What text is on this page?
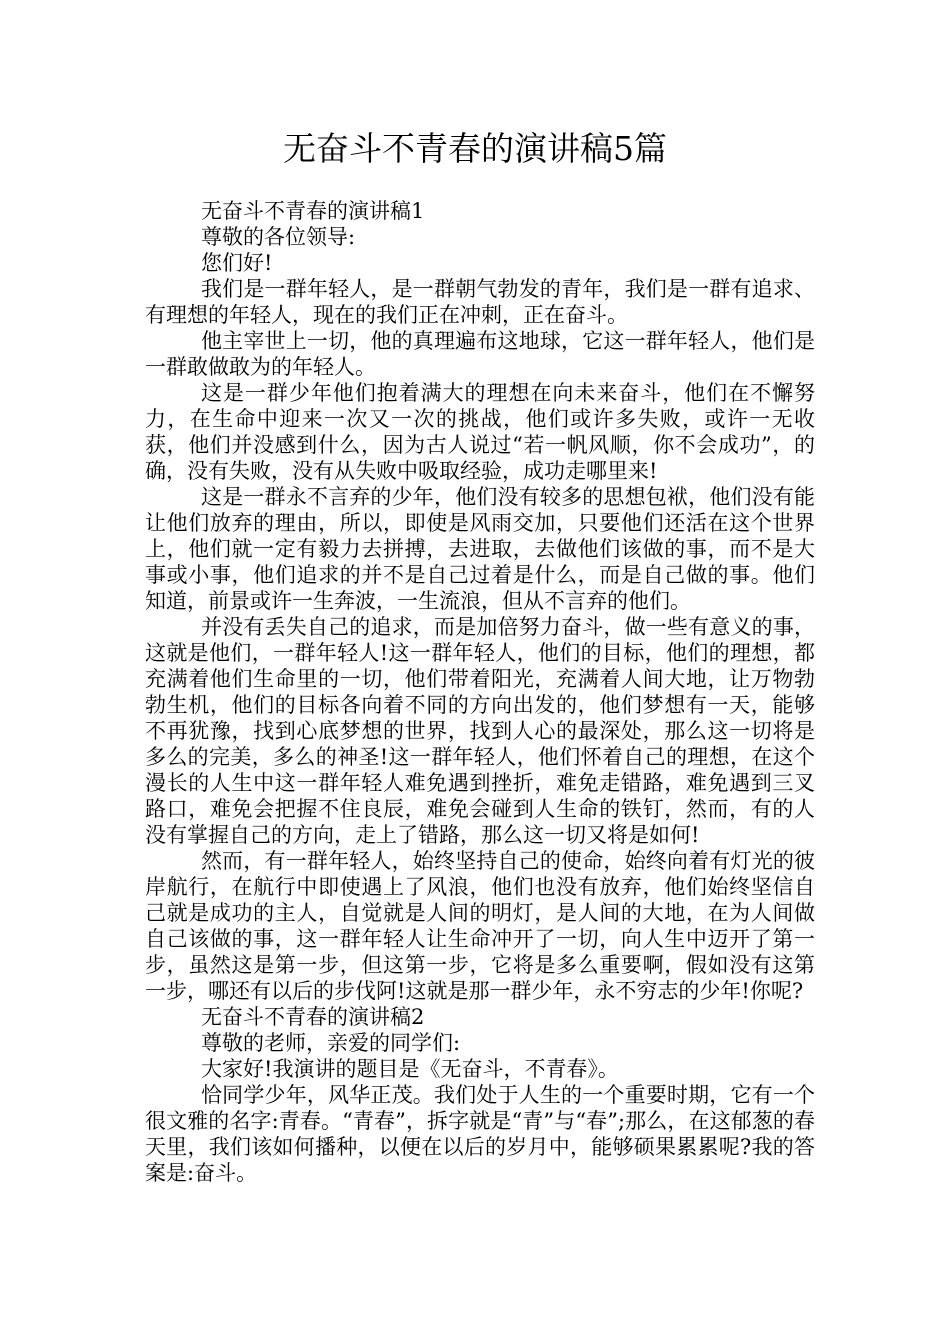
无奋斗不青春的演讲稿5篇

无奋斗不青春的演讲稿1

尊敬的各位领导:

您们好!

我们是一群年轻人，是一群朝气勃发的青年，我们是一群有追求、有理想的年轻人，现在的我们正在冲刺，正在奋斗。

他主宰世上一切，他的真理遍布这地球，它这一群年轻人，他们是一群敢做敢为的年轻人。

这是一群少年他们抱着满大的理想在向未来奋斗，他们在不懈努力，在生命中迎来一次又一次的挑战，他们或许多失败，或许一无收获，他们并没感到什么，因为古人说过“若一帆风顺，你不会成功”，的确，没有失败，没有从失败中吸取经验，成功走哪里来!

这是一群永不言弃的少年，他们没有较多的思想包袱，他们没有能让他们放弃的理由，所以，即使是风雨交加，只要他们还活在这个世界上，他们就一定有毅力去拼搏，去进取，去做他们该做的事，而不是大事或小事，他们追求的并不是自己过着是什么，而是自己做的事。他们知道，前景或许一生奔波，一生流浪，但从不言弃的他们。

并没有丢失自己的追求，而是加倍努力奋斗，做一些有意义的事，这就是他们，一群年轻人!这一群年轻人，他们的目标，他们的理想，都充满着他们生命里的一切，他们带着阳光，充满着人间大地，让万物勃勃生机，他们的目标各向着不同的方向出发的，他们梦想有一天，能够不再犹豫，找到心底梦想的世界，找到人心的最深处，那么这一切将是多么的完美，多么的神圣!这一群年轻人，他们怀着自己的理想，在这个漫长的人生中这一群年轻人难免遇到挫折，难免走错路，难免遇到三叉路口，难免会把握不住良辰，难免会碰到人生命的铁钉，然而，有的人没有掌握自己的方向，走上了错路，那么这一切又将是如何!

然而，有一群年轻人，始终坚持自己的使命，始终向着有灯光的彼岸航行，在航行中即使遇上了风浪，他们也没有放弃，他们始终坚信自己就是成功的主人，自觉就是人间的明灯，是人间的大地，在为人间做自己该做的事，这一群年轻人让生命冲开了一切，向人生中迈开了第一步，虽然这是第一步，但这第一步，它将是多么重要啊，假如没有这第一步，哪还有以后的步伐阿!这就是那一群少年，永不穷志的少年!你呢?

无奋斗不青春的演讲稿2

尊敬的老师，亲爱的同学们:

大家好!我演讲的题目是《无奋斗，不青春》。

恰同学少年，风华正茂。我们处于人生的一个重要时期，它有一个很文雅的名字:青春。“青春”，拆字就是“青”与“春”;那么，在这郁葱的春天里，我们该如何播种，以便在以后的岁月中，能够硕果累累呢?我的答案是:奋斗。
